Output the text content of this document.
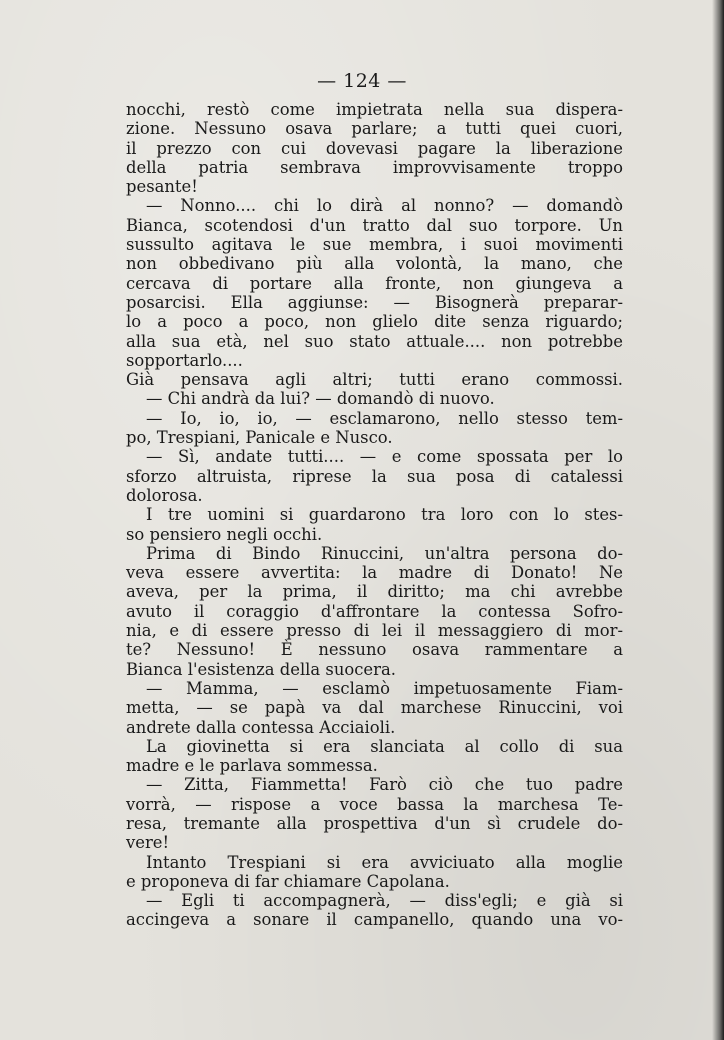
— 124 —
nocchi, restò come impietrata nella sua dispera-
zione. Nessuno osava parlare; a tutti quei cuori,
il prezzo con cui dovevasi pagare la liberazione
della patria sembrava improvvisamente troppo
pesante!
— Nonno.... chi lo dirà al nonno? — domandò
Bianca, scotendosi d'un tratto dal suo torpore. Un
sussulto agitava le sue membra, i suoi movimenti
non obbedivano più alla volontà, la mano, che
cercava di portare alla fronte, non giungeva a
posarcisi. Ella aggiunse: — Bisognerà preparar-
lo a poco a poco, non glielo dite senza riguardo;
alla sua età, nel suo stato attuale.... non potrebbe
sopportarlo....
Già pensava agli altri; tutti erano commossi.
— Chi andrà da lui? — domandò di nuovo.
— Io, io, io, — esclamarono, nello stesso tem-
po, Trespiani, Panicale e Nusco.
— Sì, andate tutti.... — e come spossata per lo
sforzo altruista, riprese la sua posa di catalessi
dolorosa.
I tre uomini si guardarono tra loro con lo stes-
so pensiero negli occhi.
Prima di Bindo Rinuccini, un'altra persona do-
veva essere avvertita: la madre di Donato! Ne
aveva, per la prima, il diritto; ma chi avrebbe
avuto il coraggio d'affrontare la contessa Sofro-
nia, e di essere presso di lei il messaggiero di mor-
te? Nessuno! È nessuno osava rammentare a
Bianca l'esistenza della suocera.
— Mamma, — esclamò impetuosamente Fiam-
metta, — se papà va dal marchese Rinuccini, voi
andrete dalla contessa Acciaioli.
La giovinetta si era slanciata al collo di sua
madre e le parlava sommessa.
— Zitta, Fiammetta! Farò ciò che tuo padre
vorrà, — rispose a voce bassa la marchesa Te-
resa, tremante alla prospettiva d'un sì crudele do-
vere!
Intanto Trespiani si era avviciuato alla moglie
e proponeva di far chiamare Capolana.
— Egli ti accompagnerà, — diss'egli; e già si
accingeva a sonare il campanello, quando una vo-
